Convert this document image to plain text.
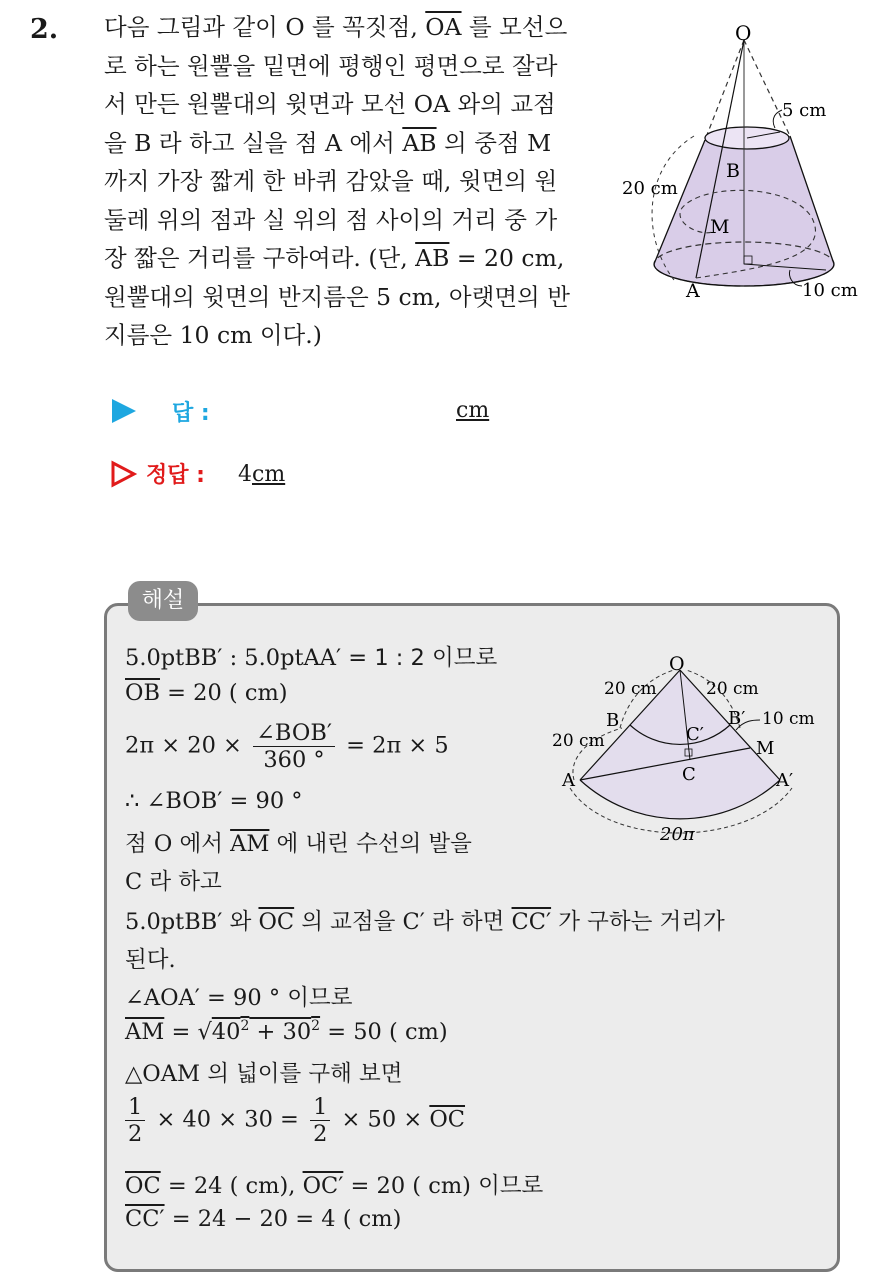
2. 다음 그림과 같이 O 를 꼭짓점, $\overline{OA}$ 를 모선으
로 하는 원뿔을 밑면에 평행인 평면으로 잘라
서 만든 원뿔대의 윗면과 모선 OA 와의 교점
을 B 라 하고 실을 점 A 에서 $\overline{AB}$ 의 중점 M
까지 가장 짧게 한 바퀴 감았을 때, 윗면의 원
둘레 위의 점과 실 위의 점 사이의 거리 중 가
장 짧은 거리를 구하여라. (단, $\overline{AB} = 20$ cm,
원뿔대의 윗면의 반지름은 5 cm, 아랫면의 반
지름은 10 cm 이다.)
O
B
M
A
5 cm
20 cm
10 cm
답 :	cm
정답 : 4 cm
해설
5.0ptBB′ : 5.0ptAA′ = 1 : 2 이므로
$\overline{OB} = 20$ ( cm)
$2\pi \times 20 \times \frac{\text{∠BOB′}}{360 ^\circ} = 2\pi \times 5$
∴ ∠BOB′ = 90 °
점 O 에서 $\overline{AM}$ 에 내린 수선의 발을
C 라 하고
5.0ptBB′ 와 $\overline{OC}$ 의 교점을 C′ 라 하면 CC′ 가 구하는 거리가
된다.
∠AOA′ = 90 ° 이므로
$\overline{AM} = √40^2 + 30^2 = 50$ ( cm)
△OAM 의 넓이를 구해 보면
$\frac{1}{2} \times 40 \times 30 = \frac{1}{2} \times 50 \times \overline{OC}$
$\overline{OC} = 24$ ( cm), OC′ = 20 ( cm) 이므로
CC′ = 24 − 20 = 4 ( cm)
O
B	B′
C′
C
M
A	A′
20 cm	20 cm
20 cm
10 cm
20π
